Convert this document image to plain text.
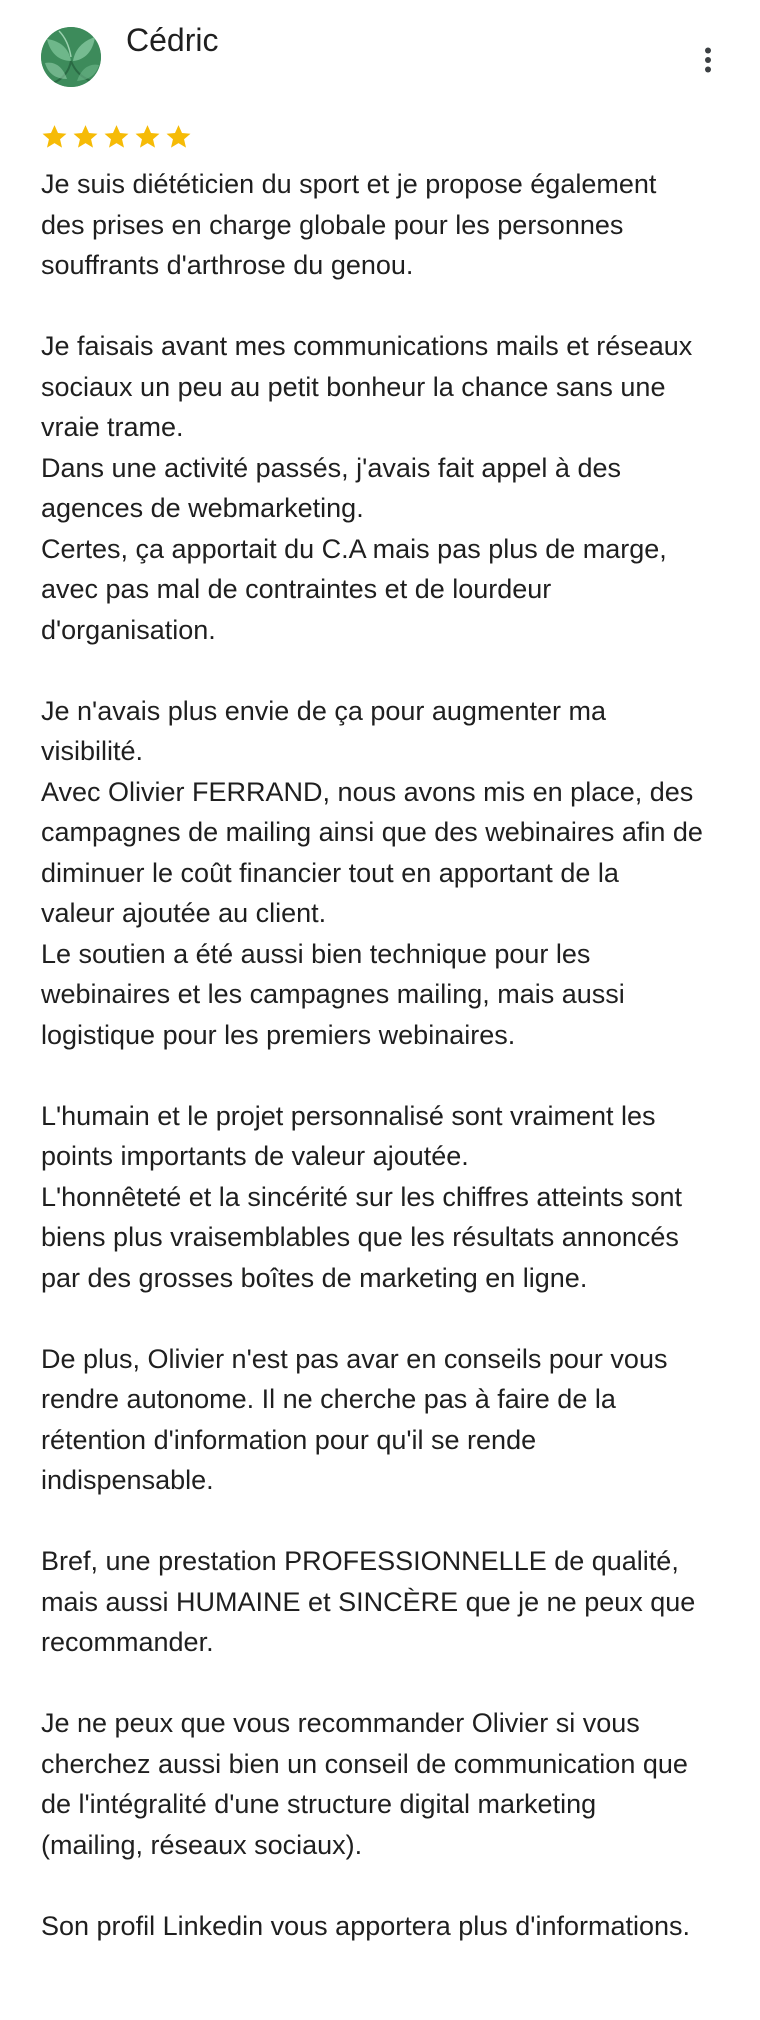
Cédric
Je suis diététicien du sport et je propose également
des prises en charge globale pour les personnes
souffrants d'arthrose du genou.
Je faisais avant mes communications mails et réseaux
sociaux un peu au petit bonheur la chance sans une
vraie trame.
Dans une activité passés, j'avais fait appel à des
agences de webmarketing.
Certes, ça apportait du C.A mais pas plus de marge,
avec pas mal de contraintes et de lourdeur
d'organisation.
Je n'avais plus envie de ça pour augmenter ma
visibilité.
Avec Olivier FERRAND, nous avons mis en place, des
campagnes de mailing ainsi que des webinaires afin de
diminuer le coût financier tout en apportant de la
valeur ajoutée au client.
Le soutien a été aussi bien technique pour les
webinaires et les campagnes mailing, mais aussi
logistique pour les premiers webinaires.
L'humain et le projet personnalisé sont vraiment les
points importants de valeur ajoutée.
L'honnêteté et la sincérité sur les chiffres atteints sont
biens plus vraisemblables que les résultats annoncés
par des grosses boîtes de marketing en ligne.
De plus, Olivier n'est pas avar en conseils pour vous
rendre autonome. Il ne cherche pas à faire de la
rétention d'information pour qu'il se rende
indispensable.
Bref, une prestation PROFESSIONNELLE de qualité,
mais aussi HUMAINE et SINCÈRE que je ne peux que
recommander.
Je ne peux que vous recommander Olivier si vous
cherchez aussi bien un conseil de communication que
de l'intégralité d'une structure digital marketing
(mailing, réseaux sociaux).
Son profil Linkedin vous apportera plus d'informations.
